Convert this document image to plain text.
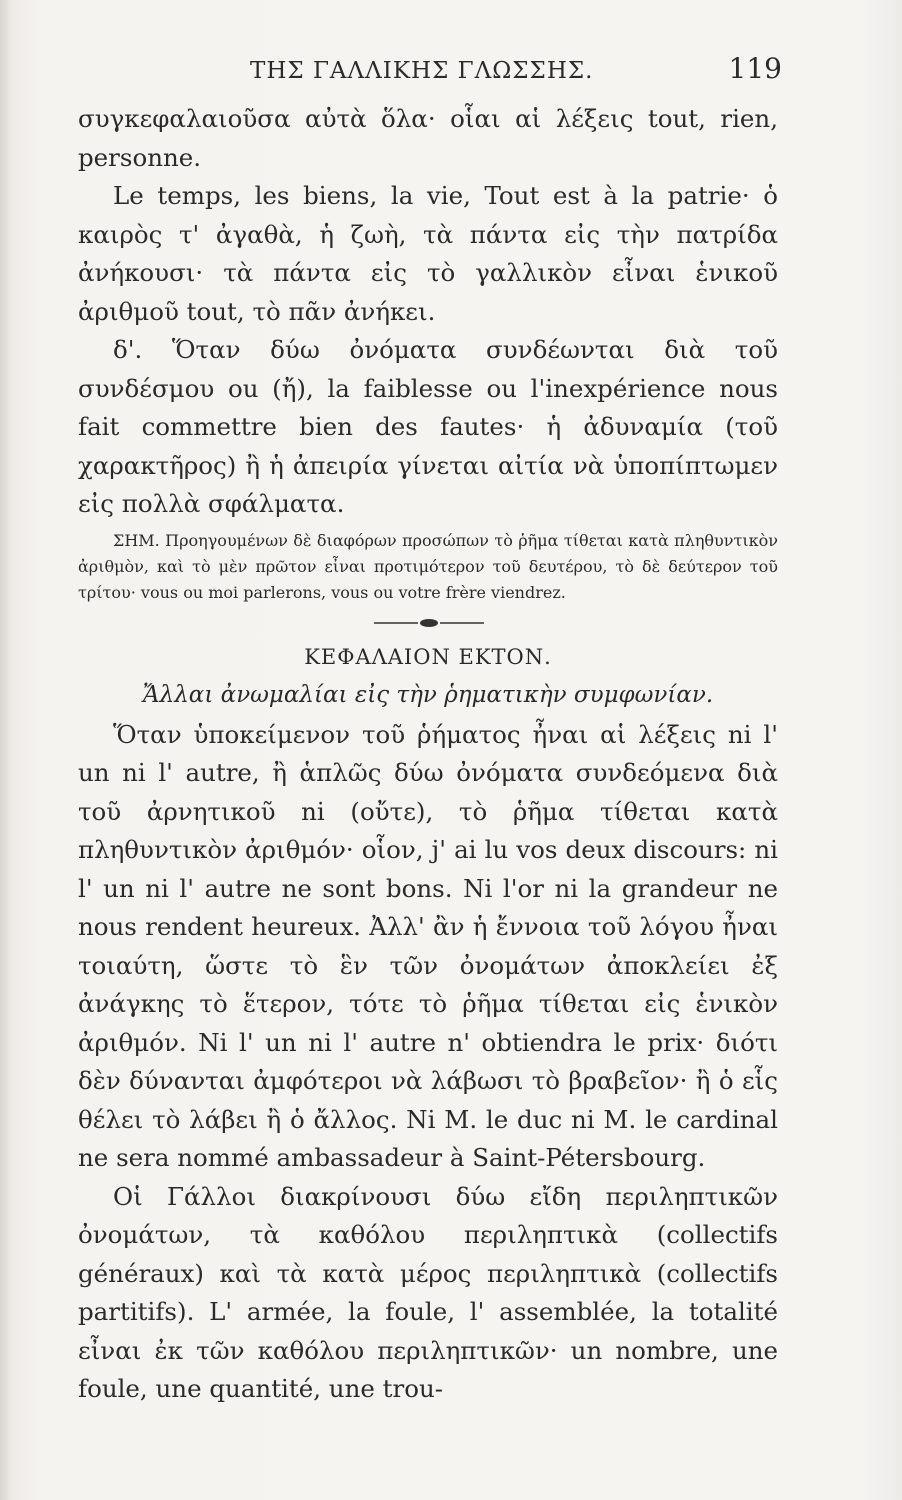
ΤΗΣ ΓΑΛΛΙΚΗΣ ΓΛΩΣΣΗΣ.	119

συγκεφαλαιοῦσα αὐτὰ ὅλα· οἷαι αἱ λέξεις tout, rien, personne.

Le temps, les biens, la vie, Tout est à la patrie· ὁ καιρὸς τ' ἀγαθὰ, ἡ ζωὴ, τὰ πάντα εἰς τὴν πατρίδα ἀνήκουσι· τὰ πάντα εἰς τὸ γαλλικὸν εἶναι ἑνικοῦ ἀριθμοῦ tout, τὸ πᾶν ἀνήκει.

δ'. Ὅταν δύω ὀνόματα συνδέωνται διὰ τοῦ συνδέσμου ou (ἤ), la faiblesse ou l'inexpérience nous fait commettre bien des fautes· ἡ ἀδυναμία (τοῦ χαρακτῆρος) ἢ ἡ ἀπειρία γίνεται αἰτία νὰ ὑποπίπτωμεν εἰς πολλὰ σφάλματα.

ΣΗΜ. Προηγουμένων δὲ διαφόρων προσώπων τὸ ῥῆμα τίθεται κατὰ πληθυντικὸν ἀριθμὸν, καὶ τὸ μὲν πρῶτον εἶναι προτιμότερον τοῦ δευτέρου, τὸ δὲ δεύτερον τοῦ τρίτου· vous ou moi parlerons, vous ou votre frère viendrez.

ΚΕΦΑΛΑΙΟΝ ΕΚΤΟΝ.

Ἄλλαι ἀνωμαλίαι εἰς τὴν ῥηματικὴν συμφωνίαν.

Ὅταν ὑποκείμενον τοῦ ῥήματος ἦναι αἱ λέξεις ni l' un ni l' autre, ἢ ἁπλῶς δύω ὀνόματα συνδεόμενα διὰ τοῦ ἀρνητικοῦ ni (οὔτε), τὸ ῥῆμα τίθεται κατὰ πληθυντικὸν ἀριθμόν· οἷον, j' ai lu vos deux discours: ni l' un ni l' autre ne sont bons. Ni l'or ni la grandeur ne nous rendent heureux. Ἀλλ' ἂν ἡ ἔννοια τοῦ λόγου ἦναι τοιαύτη, ὥστε τὸ ἓν τῶν ὀνομάτων ἀποκλείει ἐξ ἀνάγκης τὸ ἕτερον, τότε τὸ ῥῆμα τίθεται εἰς ἑνικὸν ἀριθμόν. Ni l' un ni l' autre n' obtiendra le prix· διότι δὲν δύνανται ἀμφότεροι νὰ λάβωσι τὸ βραβεῖον· ἢ ὁ εἷς θέλει τὸ λάβει ἢ ὁ ἄλλος. Ni M. le duc ni M. le cardinal ne sera nommé ambassadeur à Saint-Pétersbourg.

Οἱ Γάλλοι διακρίνουσι δύω εἴδη περιληπτικῶν ὀνομάτων, τὰ καθόλου περιληπτικὰ (collectifs généraux) καὶ τὰ κατὰ μέρος περιληπτικὰ (collectifs partitifs). L' armée, la foule, l' assemblée, la totalité εἶναι ἐκ τῶν καθόλου περιληπτικῶν· un nombre, une foule, une quantité, une trou-
